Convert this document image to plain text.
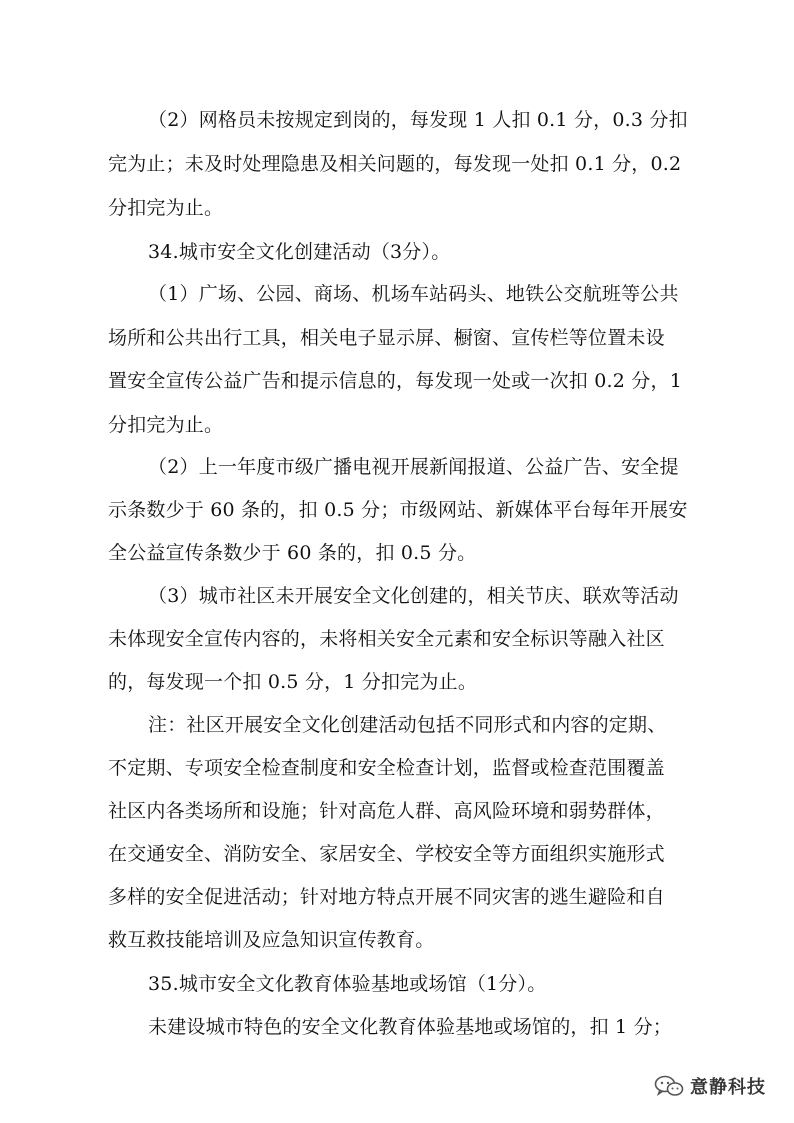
（2）网格员未按规定到岗的，每发现 1 人扣 0.1 分，0.3 分扣
完为止；未及时处理隐患及相关问题的，每发现一处扣 0.1 分，0.2
分扣完为止。
34.城市安全文化创建活动（3分）。
（1）广场、公园、商场、机场车站码头、地铁公交航班等公共
场所和公共出行工具，相关电子显示屏、橱窗、宣传栏等位置未设
置安全宣传公益广告和提示信息的，每发现一处或一次扣 0.2 分，1
分扣完为止。
（2）上一年度市级广播电视开展新闻报道、公益广告、安全提
示条数少于 60 条的，扣 0.5 分；市级网站、新媒体平台每年开展安
全公益宣传条数少于 60 条的，扣 0.5 分。
（3）城市社区未开展安全文化创建的，相关节庆、联欢等活动
未体现安全宣传内容的，未将相关安全元素和安全标识等融入社区
的，每发现一个扣 0.5 分，1 分扣完为止。
注：社区开展安全文化创建活动包括不同形式和内容的定期、
不定期、专项安全检查制度和安全检查计划，监督或检查范围覆盖
社区内各类场所和设施；针对高危人群、高风险环境和弱势群体，
在交通安全、消防安全、家居安全、学校安全等方面组织实施形式
多样的安全促进活动；针对地方特点开展不同灾害的逃生避险和自
救互救技能培训及应急知识宣传教育。
35.城市安全文化教育体验基地或场馆（1分）。
未建设城市特色的安全文化教育体验基地或场馆的，扣 1 分；
意静科技
